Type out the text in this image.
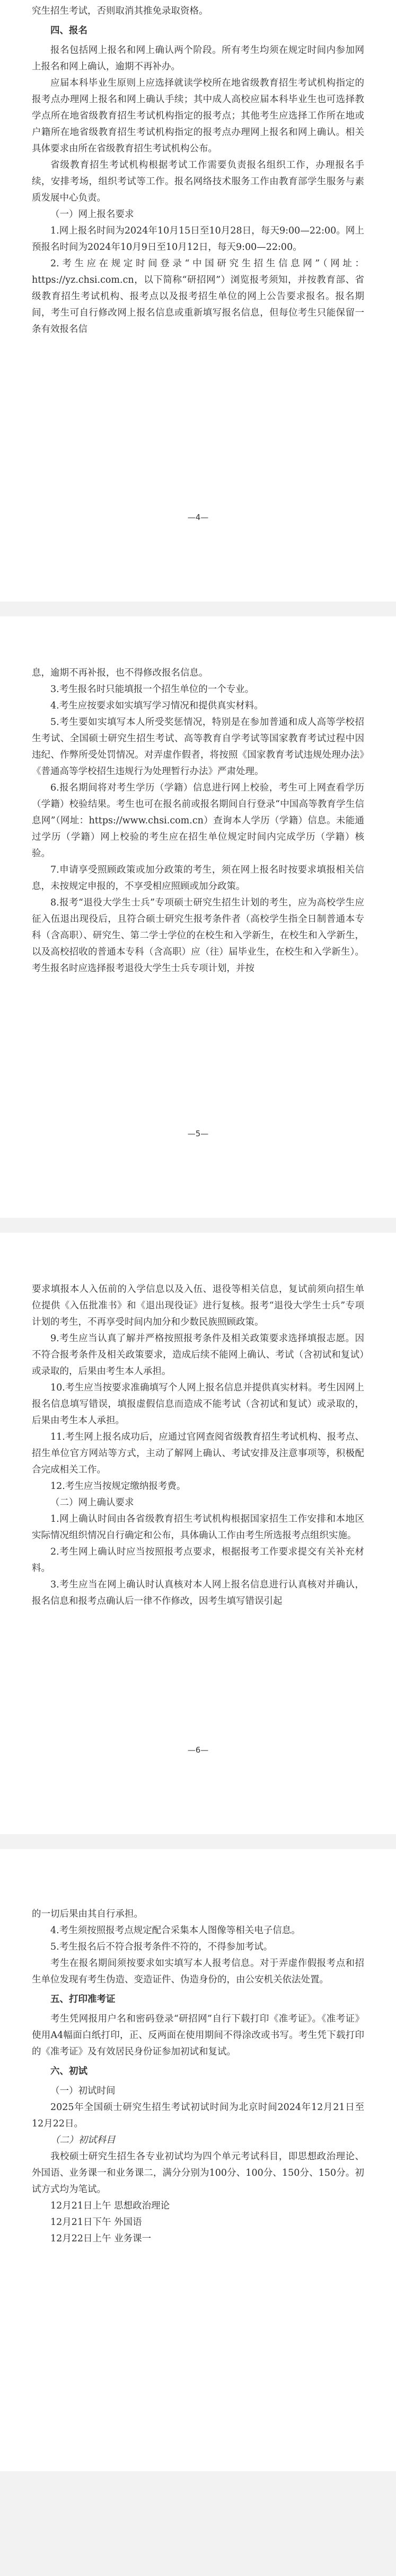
究生招生考试，否则取消其推免录取资格。

四、报名

报名包括网上报名和网上确认两个阶段。所有考生均须在规定时间内参加网上报名和网上确认，逾期不再补办。

应届本科毕业生原则上应选择就读学校所在地省级教育招生考试机构指定的报考点办理网上报名和网上确认手续；其中成人高校应届本科毕业生也可选择教学点所在地省级教育招生考试机构指定的报考点；其他考生应选择工作所在地或户籍所在地省级教育招生考试机构指定的报考点办理网上报名和网上确认。相关具体要求由所在省级教育招生考试机构公布。

省级教育招生考试机构根据考试工作需要负责报名组织工作，办理报名手续，安排考场，组织考试等工作。报名网络技术服务工作由教育部学生服务与素质发展中心负责。

（一）网上报名要求

1.网上报名时间为2024年10月15日至10月28日，每天9:00—22:00。网上预报名时间为2024年10月9日至10月12日，每天9:00—22:00。

2.考生应在规定时间登录“中国研究生招生信息网”（网址：https://yz.chsi.com.cn，以下简称“研招网”）浏览报考须知，并按教育部、省级教育招生考试机构、报考点以及报考招生单位的网上公告要求报名。报名期间，考生可自行修改网上报名信息或重新填写报名信息，但每位考生只能保留一条有效报名信

—4—

息，逾期不再补报，也不得修改报名信息。

3.考生报名时只能填报一个招生单位的一个专业。

4.考生应按要求如实填写学习情况和提供真实材料。

5.考生要如实填写本人所受奖惩情况，特别是在参加普通和成人高等学校招生考试、全国硕士研究生招生考试、高等教育自学考试等国家教育考试过程中因违纪、作弊所受处罚情况。对弄虚作假者，将按照《国家教育考试违规处理办法》《普通高等学校招生违规行为处理暂行办法》严肃处理。

6.报名期间将对考生学历（学籍）信息进行网上校验，考生可上网查看学历（学籍）校验结果。考生也可在报名前或报名期间自行登录“中国高等教育学生信息网”（网址：https://www.chsi.com.cn）查询本人学历（学籍）信息。未能通过学历（学籍）网上校验的考生应在招生单位规定时间内完成学历（学籍）核验。

7.申请享受照顾政策或加分政策的考生，须在网上报名时按要求填报相关信息，未按规定申报的，不享受相应照顾或加分政策。

8.报考“退役大学生士兵”专项硕士研究生招生计划的考生，应为高校学生应征入伍退出现役后，且符合硕士研究生报考条件者（高校学生指全日制普通本专科（含高职）、研究生、第二学士学位的在校生和入学新生，在校生和入学新生，以及高校招收的普通本专科（含高职）应（往）届毕业生，在校生和入学新生）。考生报名时应选择报考退役大学生士兵专项计划，并按

—5—

要求填报本人入伍前的入学信息以及入伍、退役等相关信息，复试前须向招生单位提供《入伍批准书》和《退出现役证》进行复核。报考“退役大学生士兵”专项计划的考生，不再享受时间内加分和少数民族照顾政策。

9.考生应当认真了解并严格按照报考条件及相关政策要求选择填报志愿。因不符合报考条件及相关政策要求，造成后续不能网上确认、考试（含初试和复试）或录取的，后果由考生本人承担。

10.考生应当按要求准确填写个人网上报名信息并提供真实材料。考生因网上报名信息填写错误，填报虚假信息而造成不能考试（含初试和复试）或录取的，后果由考生本人承担。

11.考生网上报名成功后，应通过官网查阅省级教育招生考试机构、报考点、招生单位官方网站等方式，主动了解网上确认、考试安排及注意事项等，积极配合完成相关工作。

12.考生应当按规定缴纳报考费。

（二）网上确认要求

1.网上确认时间由各省级教育招生考试机构根据国家招生工作安排和本地区实际情况组织情况自行确定和公布，具体确认工作由考生所选报考点组织实施。

2.考生网上确认时应当按照报考点要求，根据报考工作要求提交有关补充材料。

3.考生应当在网上确认时认真核对本人网上报名信息进行认真核对并确认，报名信息和报考点确认后一律不作修改，因考生填写错误引起

—6—

的一切后果由其自行承担。

4.考生须按照报考点规定配合采集本人图像等相关电子信息。

5.考生报名后不符合报考条件不符的，不得参加考试。

考生在报名期间须按要求如实填写本人报考信息。对于弄虚作假报考点和招生单位发现有考生伪造、变造证件、伪造身份的，由公安机关依法处置。

五、打印准考证

考生凭网报用户名和密码登录“研招网”自行下载打印《准考证》。《准考证》使用A4幅面白纸打印，正、反两面在使用期间不得涂改或书写。考生凭下载打印的《准考证》及有效居民身份证参加初试和复试。

六、初试

（一）初试时间

2025年全国硕士研究生招生考试初试时间为北京时间2024年12月21日至12月22日。

（二）初试科目

我校硕士研究生招生各专业初试均为四个单元考试科目，即思想政治理论、外国语、业务课一和业务课二，满分分别为100分、100分、150分、150分。初试方式均为笔试。

12月21日上午 思想政治理论

12月21日下午 外国语

12月22日上午 业务课一
